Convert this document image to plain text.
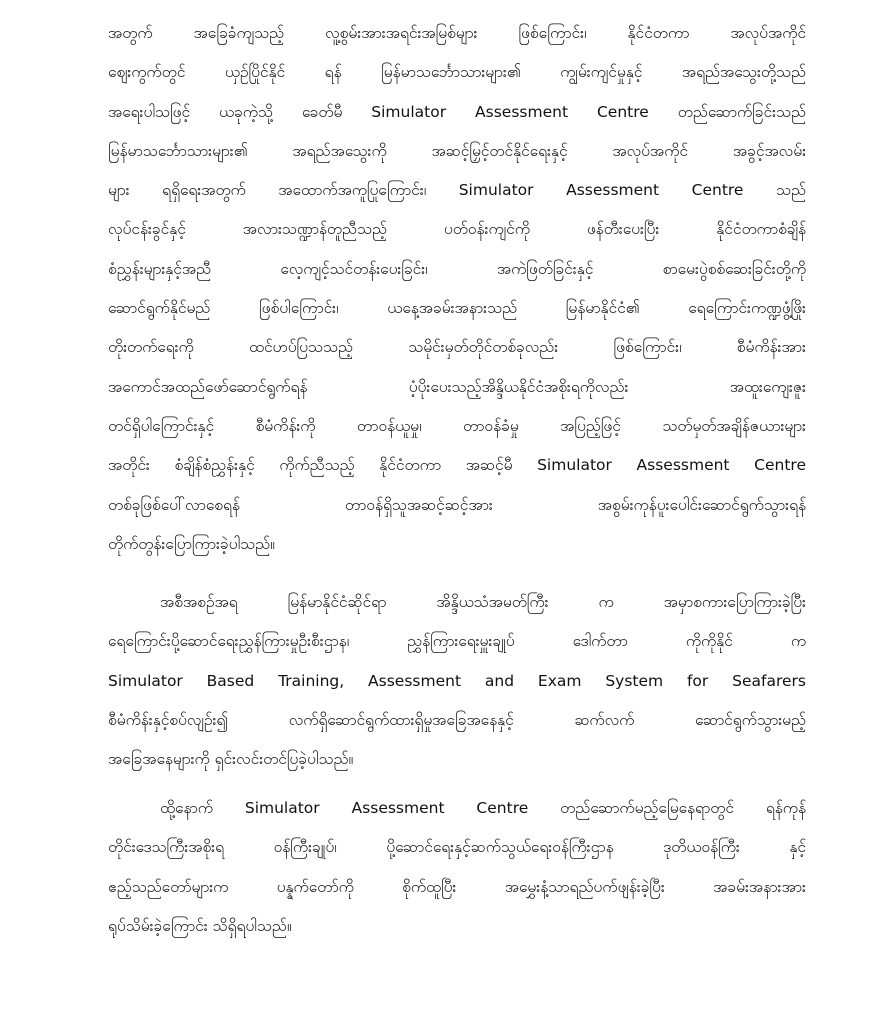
အတွက် အခြေခံကျသည့် လူ့စွမ်းအားအရင်းအမြစ်များ ဖြစ်ကြောင်း၊ နိုင်ငံတကာ အလုပ်အကိုင်
ဈေးကွက်တွင် ယှဉ်ပြိုင်နိုင် ရန် မြန်မာသင်္ဘောသားများ၏ ကျွမ်းကျင်မှုနှင့် အရည်အသွေးတို့သည်
အရေးပါသဖြင့် ယခုကဲ့သို့ ခေတ်မီ Simulator Assessment Centre တည်ဆောက်ခြင်းသည်
မြန်မာသင်္ဘောသားများ၏ အရည်အသွေးကို အဆင့်မြှင့်တင်နိုင်ရေးနှင့် အလုပ်အကိုင် အခွင့်အလမ်း
များ ရရှိရေးအတွက် အထောက်အကူပြုကြောင်း၊ Simulator Assessment Centre သည်
လုပ်ငန်းခွင်နှင့် အလားသဏ္ဍာန်တူညီသည့် ပတ်ဝန်းကျင်ကို ဖန်တီးပေးပြီး နိုင်ငံတကာစံချိန်
စံညွှန်းများနှင့်အညီ လေ့ကျင့်သင်တန်းပေးခြင်း၊ အကဲဖြတ်ခြင်းနှင့် စာမေးပွဲစစ်ဆေးခြင်းတို့ကို
ဆောင်ရွက်နိုင်မည် ဖြစ်ပါကြောင်း၊ ယနေ့အခမ်းအနားသည် မြန်မာနိုင်ငံ၏ ရေကြောင်းကဏ္ဍဖွံ့ဖြိုး
တိုးတက်ရေးကို ထင်ဟပ်ပြသသည့် သမိုင်းမှတ်တိုင်တစ်ခုလည်း ဖြစ်ကြောင်း၊ စီမံကိန်းအား
အကောင်အထည်ဖော်ဆောင်ရွက်ရန် ပံ့ပိုးပေးသည့်အိန္ဒိယနိုင်ငံအစိုးရကိုလည်း အထူးကျေးဇူး
တင်ရှိပါကြောင်းနှင့် စီမံကိန်းကို တာဝန်ယူမှု၊ တာဝန်ခံမှု အပြည့်ဖြင့် သတ်မှတ်အချိန်ဇယားများ
အတိုင်း စံချိန်စံညွှန်းနှင့် ကိုက်ညီသည့် နိုင်ငံတကာ အဆင့်မီ Simulator Assessment Centre
တစ်ခုဖြစ်ပေါ်လာစေရန် တာဝန်ရှိသူအဆင့်ဆင့်အား အစွမ်းကုန်ပူးပေါင်းဆောင်ရွက်သွားရန်
တိုက်တွန်းပြောကြားခဲ့ပါသည်။
အစီအစဉ်အရ မြန်မာနိုင်ငံဆိုင်ရာ အိန္ဒိယသံအမတ်ကြီး က အမှာစကားပြောကြားခဲ့ပြီး
ရေကြောင်းပို့ဆောင်ရေးညွှန်ကြားမှုဦးစီးဌာန၊ ညွှန်ကြားရေးမှူးချုပ် ဒေါက်တာ ကိုကိုနိုင် က
Simulator Based Training, Assessment and Exam System for Seafarers
စီမံကိန်းနှင့်စပ်လျဉ်း၍ လက်ရှိဆောင်ရွက်ထားရှိမှုအခြေအနေနှင့် ဆက်လက် ဆောင်ရွက်သွားမည့်
အခြေအနေများကို ရှင်းလင်းတင်ပြခဲ့ပါသည်။
ထို့နောက် Simulator Assessment Centre တည်ဆောက်မည့်မြေနေရာတွင် ရန်ကုန်
တိုင်းဒေသကြီးအစိုးရ ဝန်ကြီးချုပ်၊ ပို့ဆောင်ရေးနှင့်ဆက်သွယ်ရေးဝန်ကြီးဌာန ဒုတိယဝန်ကြီး နှင့်
ဧည့်သည်တော်များက ပန္နက်တော်ကို စိုက်ထူပြီး အမွှေးနံ့သာရည်ပက်ဖျန်းခဲ့ပြီး အခမ်းအနားအား
ရုပ်သိမ်းခဲ့ကြောင်း သိရှိရပါသည်။
